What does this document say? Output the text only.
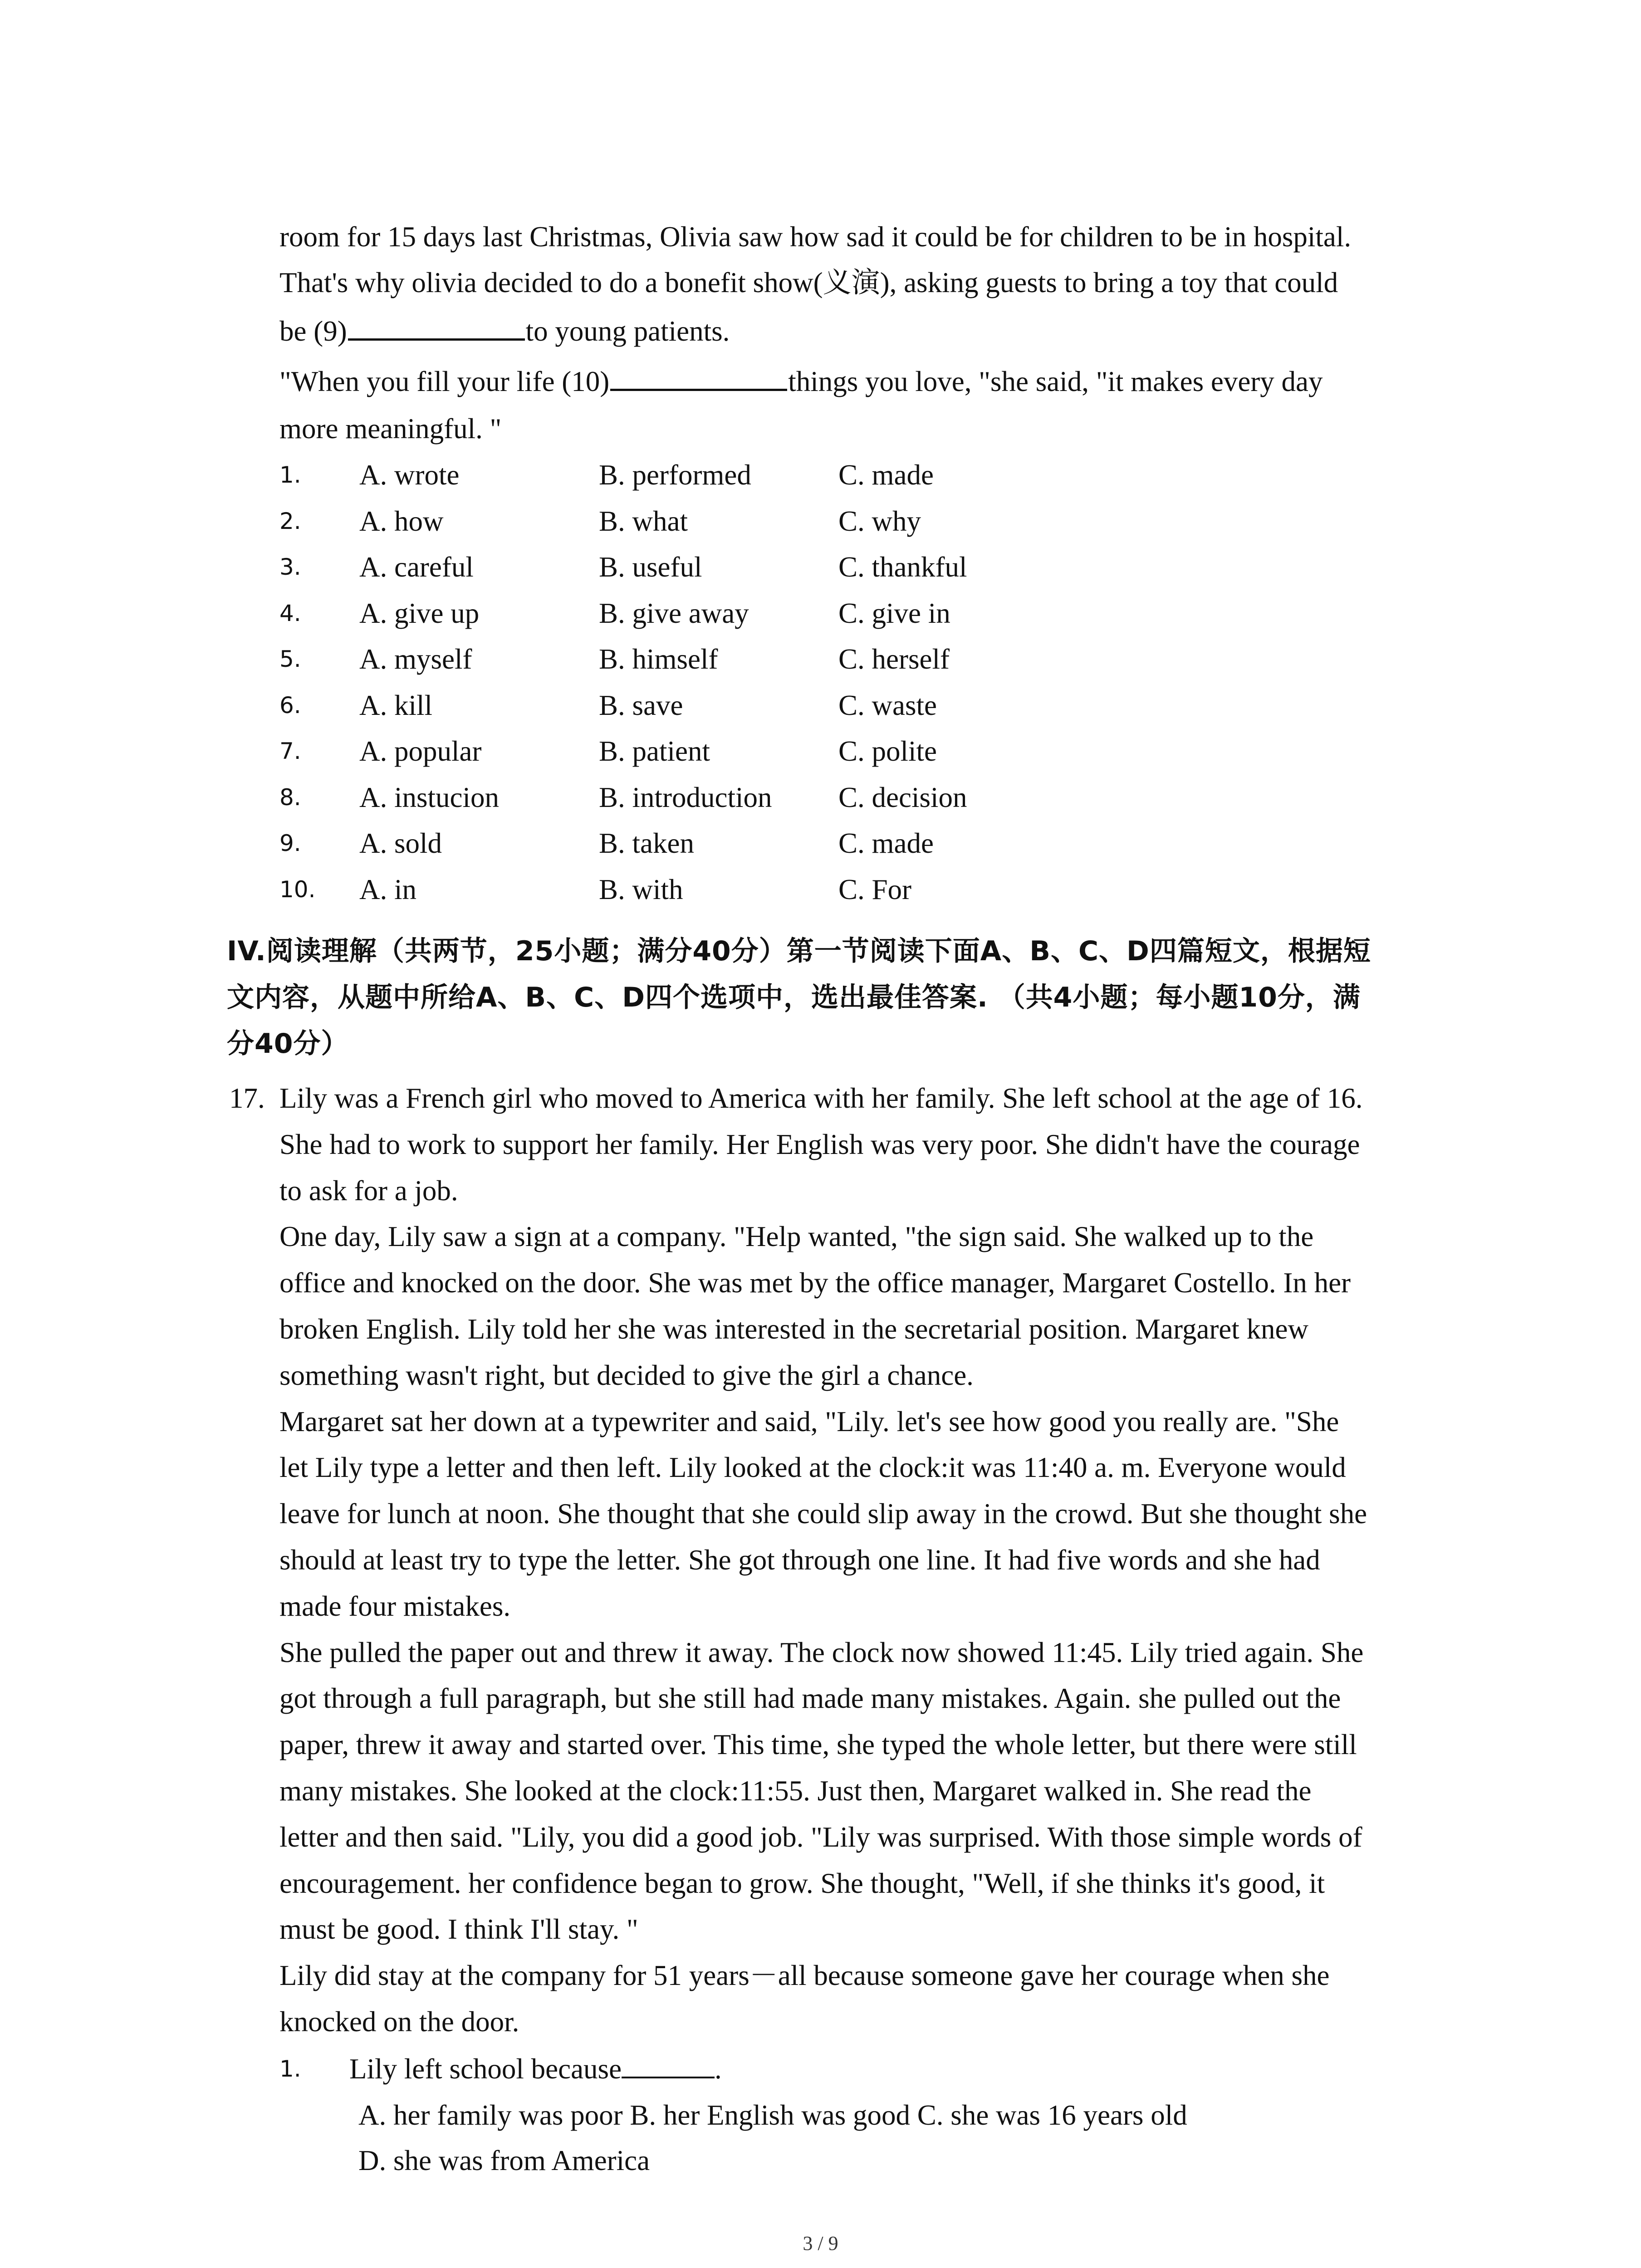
room for 15 days last Christmas, Olivia saw how sad it could be for children to be in hospital.
That's why olivia decided to do a bonefit show(义演), asking guests to bring a toy that could
be (9)	to young patients.
"When you fill your life (10)	things you love, "she said, "it makes every day
more meaningful. "
1. A. wrote	B. performed	C. made
2. A. how	B. what	C. why
3. A. careful	B. useful	C. thankful
4. A. give up	B. give away	C. give in
5. A. myself	B. himself	C. herself
6. A. kill	B. save	C. waste
7. A. popular	B. patient	C. polite
8. A. instucion	B. introduction C. decision
9. A. sold	B. taken	C. made
10. A. in	B. with	C. For
IV.阅读理解（共两节，25小题；满分40分）第一节阅读下面A、B、C、D四篇短文，根据短
文内容，从题中所给A、B、C、D四个选项中，选出最佳答案. （共4小题；每小题10分，满
分40分）
17. Lily was a French girl who moved to America with her family. She left school at the age of 16.
She had to work to support her family. Her English was very poor. She didn't have the courage
to ask for a job.
One day, Lily saw a sign at a company. "Help wanted, "the sign said. She walked up to the
office and knocked on the door. She was met by the office manager, Margaret Costello. In her
broken English. Lily told her she was interested in the secretarial position. Margaret knew
something wasn't right, but decided to give the girl a chance.
Margaret sat her down at a typewriter and said, "Lily. let's see how good you really are. "She
let Lily type a letter and then left. Lily looked at the clock:it was 11:40 a. m. Everyone would
leave for lunch at noon. She thought that she could slip away in the crowd. But she thought she
should at least try to type the letter. She got through one line. It had five words and she had
made four mistakes.
She pulled the paper out and threw it away. The clock now showed 11:45. Lily tried again. She
got through a full paragraph, but she still had made many mistakes. Again. she pulled out the
paper, threw it away and started over. This time, she typed the whole letter, but there were still
many mistakes. She looked at the clock:11:55. Just then, Margaret walked in. She read the
letter and then said. "Lily, you did a good job. "Lily was surprised. With those simple words of
encouragement. her confidence began to grow. She thought, "Well, if she thinks it's good, it
must be good. I think I'll stay. "
Lily did stay at the company for 51 years－all because someone gave her courage when she
knocked on the door.
1. Lily left school because	.
A. her family was poor B. her English was good C. she was 16 years old
D. she was from America
3 / 9
